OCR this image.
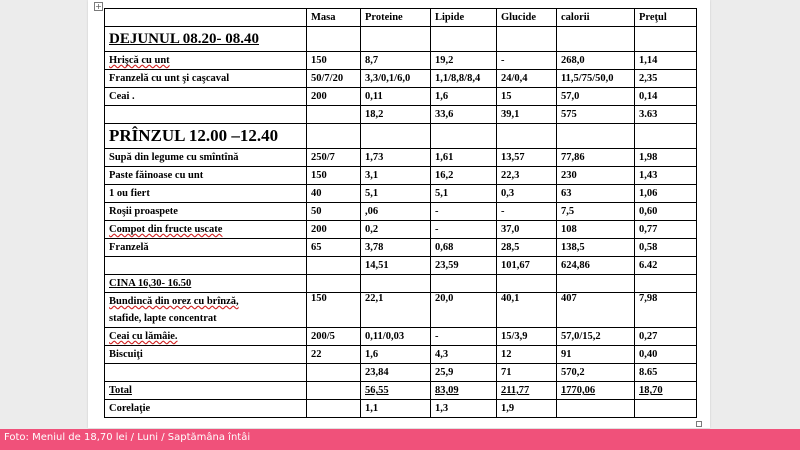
+
	Masa	Proteine	Lipide	Glucide	calorii	Preţul
DEJUNUL 08.20- 08.40						
Hrişcă cu unt	150	8,7	19,2	-	268,0	1,14
Franzelă cu unt şi caşcaval	50/7/20	3,3/0,1/6,0	1,1/8,8/8,4	24/0,4	11,5/75/50,0	2,35
Ceai .	200	0,11	1,6	15	57,0	0,14
		18,2	33,6	39,1	575	3.63
PRÎNZUL 12.00 –12.40						
Supă din legume cu smîntînă	250/7	1,73	1,61	13,57	77,86	1,98
Paste făinoase cu unt	150	3,1	16,2	22,3	230	1,43
1 ou fiert	40	5,1	5,1	0,3	63	1,06
Roşii proaspete	50	,06	-	-	7,5	0,60
Compot din fructe uscate	200	0,2	-	37,0	108	0,77
Franzelă	65	3,78	0,68	28,5	138,5	0,58
		14,51	23,59	101,67	624,86	6.42
CINA 16,30- 16.50						
Bundincă din orez cu brînză,
stafide, lapte concentrat	150	22,1	20,0	40,1	407	7,98
Ceai cu lămâie.	200/5	0,11/0,03	-	15/3,9	57,0/15,2	0,27
Biscuiţi	22	1,6	4,3	12	91	0,40
		23,84	25,9	71	570,2	8.65
Total		56,55	83,09	211,77	1770,06	18,70
Corelaţie		1,1	1,3	1,9		
Foto: Meniul de 18,70 lei / Luni / Saptămâna întâi
